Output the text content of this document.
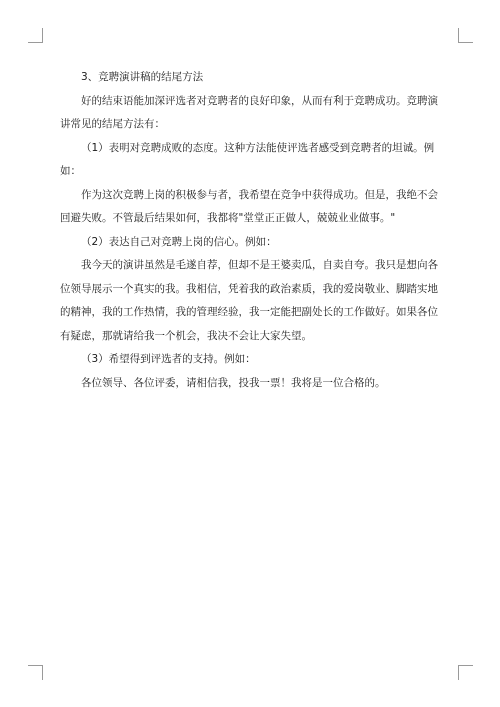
3、竞聘演讲稿的结尾方法

好的结束语能加深评选者对竞聘者的良好印象，从而有利于竞聘成功。竞聘演讲常见的结尾方法有：

（1）表明对竞聘成败的态度。这种方法能使评选者感受到竞聘者的坦诚。例如：

作为这次竞聘上岗的积极参与者，我希望在竞争中获得成功。但是，我绝不会回避失败。不管最后结果如何，我都将"堂堂正正做人，兢兢业业做事。"

（2）表达自己对竞聘上岗的信心。例如：

我今天的演讲虽然是毛遂自荐，但却不是王婆卖瓜，自卖自夸。我只是想向各位领导展示一个真实的我。我相信，凭着我的政治素质，我的爱岗敬业、脚踏实地的精神，我的工作热情，我的管理经验，我一定能把副处长的工作做好。如果各位有疑虑，那就请给我一个机会，我决不会让大家失望。

（3）希望得到评选者的支持。例如：

各位领导、各位评委，请相信我，投我一票！我将是一位合格的。
